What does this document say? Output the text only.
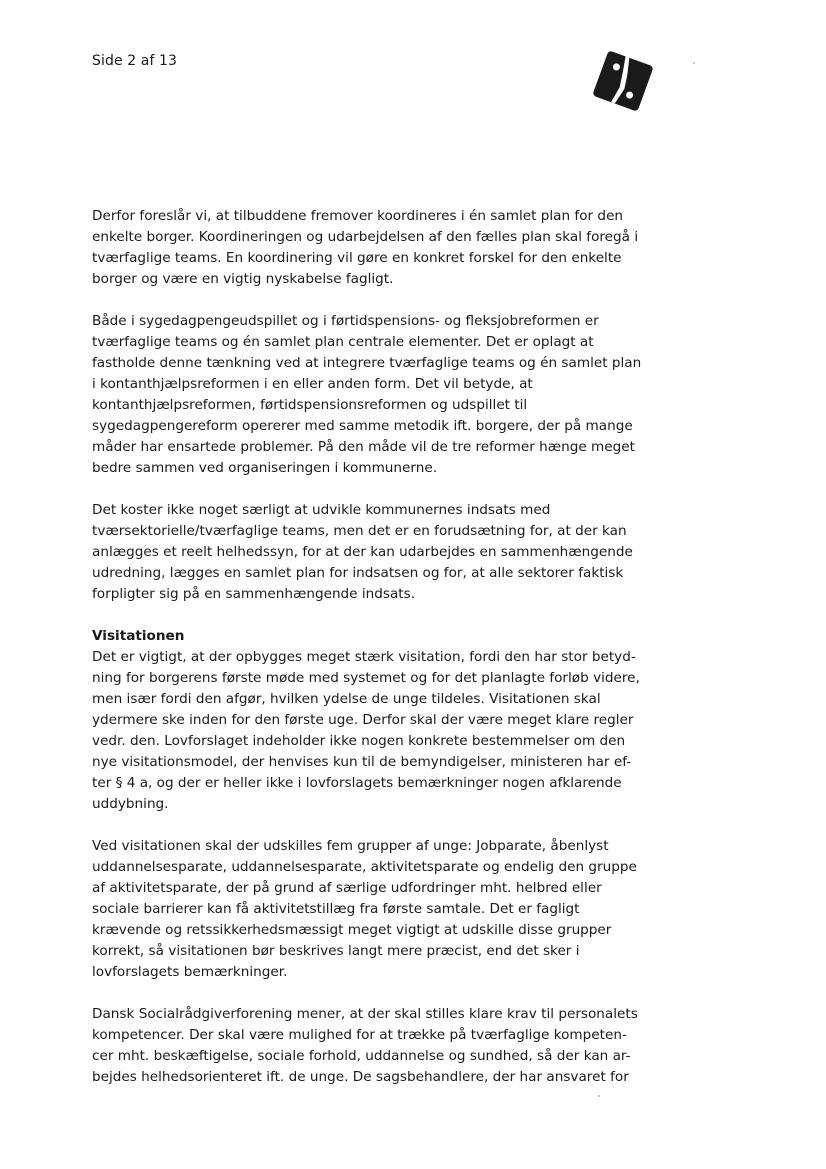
Side 2 af 13
Derfor foreslår vi, at tilbuddene fremover koordineres i én samlet plan for den
enkelte borger. Koordineringen og udarbejdelsen af den fælles plan skal foregå i
tværfaglige teams. En koordinering vil gøre en konkret forskel for den enkelte
borger og være en vigtig nyskabelse fagligt.
Både i sygedagpengeudspillet og i førtidspensions- og fleksjobreformen er
tværfaglige teams og én samlet plan centrale elementer. Det er oplagt at
fastholde denne tænkning ved at integrere tværfaglige teams og én samlet plan
i kontanthjælpsreformen i en eller anden form. Det vil betyde, at
kontanthjælpsreformen, førtidspensionsreformen og udspillet til
sygedagpengereform opererer med samme metodik ift. borgere, der på mange
måder har ensartede problemer. På den måde vil de tre reformer hænge meget
bedre sammen ved organiseringen i kommunerne.
Det koster ikke noget særligt at udvikle kommunernes indsats med
tværsektorielle/tværfaglige teams, men det er en forudsætning for, at der kan
anlægges et reelt helhedssyn, for at der kan udarbejdes en sammenhængende
udredning, lægges en samlet plan for indsatsen og for, at alle sektorer faktisk
forpligter sig på en sammenhængende indsats.
Visitationen
Det er vigtigt, at der opbygges meget stærk visitation, fordi den har stor betyd-
ning for borgerens første møde med systemet og for det planlagte forløb videre,
men især fordi den afgør, hvilken ydelse de unge tildeles. Visitationen skal
ydermere ske inden for den første uge. Derfor skal der være meget klare regler
vedr. den. Lovforslaget indeholder ikke nogen konkrete bestemmelser om den
nye visitationsmodel, der henvises kun til de bemyndigelser, ministeren har ef-
ter § 4 a, og der er heller ikke i lovforslagets bemærkninger nogen afklarende
uddybning.
Ved visitationen skal der udskilles fem grupper af unge: Jobparate, åbenlyst
uddannelsesparate, uddannelsesparate, aktivitetsparate og endelig den gruppe
af aktivitetsparate, der på grund af særlige udfordringer mht. helbred eller
sociale barrierer kan få aktivitetstillæg fra første samtale. Det er fagligt
krævende og retssikkerhedsmæssigt meget vigtigt at udskille disse grupper
korrekt, så visitationen bør beskrives langt mere præcist, end det sker i
lovforslagets bemærkninger.
Dansk Socialrådgiverforening mener, at der skal stilles klare krav til personalets
kompetencer. Der skal være mulighed for at trække på tværfaglige kompeten-
cer mht. beskæftigelse, sociale forhold, uddannelse og sundhed, så der kan ar-
bejdes helhedsorienteret ift. de unge. De sagsbehandlere, der har ansvaret for
